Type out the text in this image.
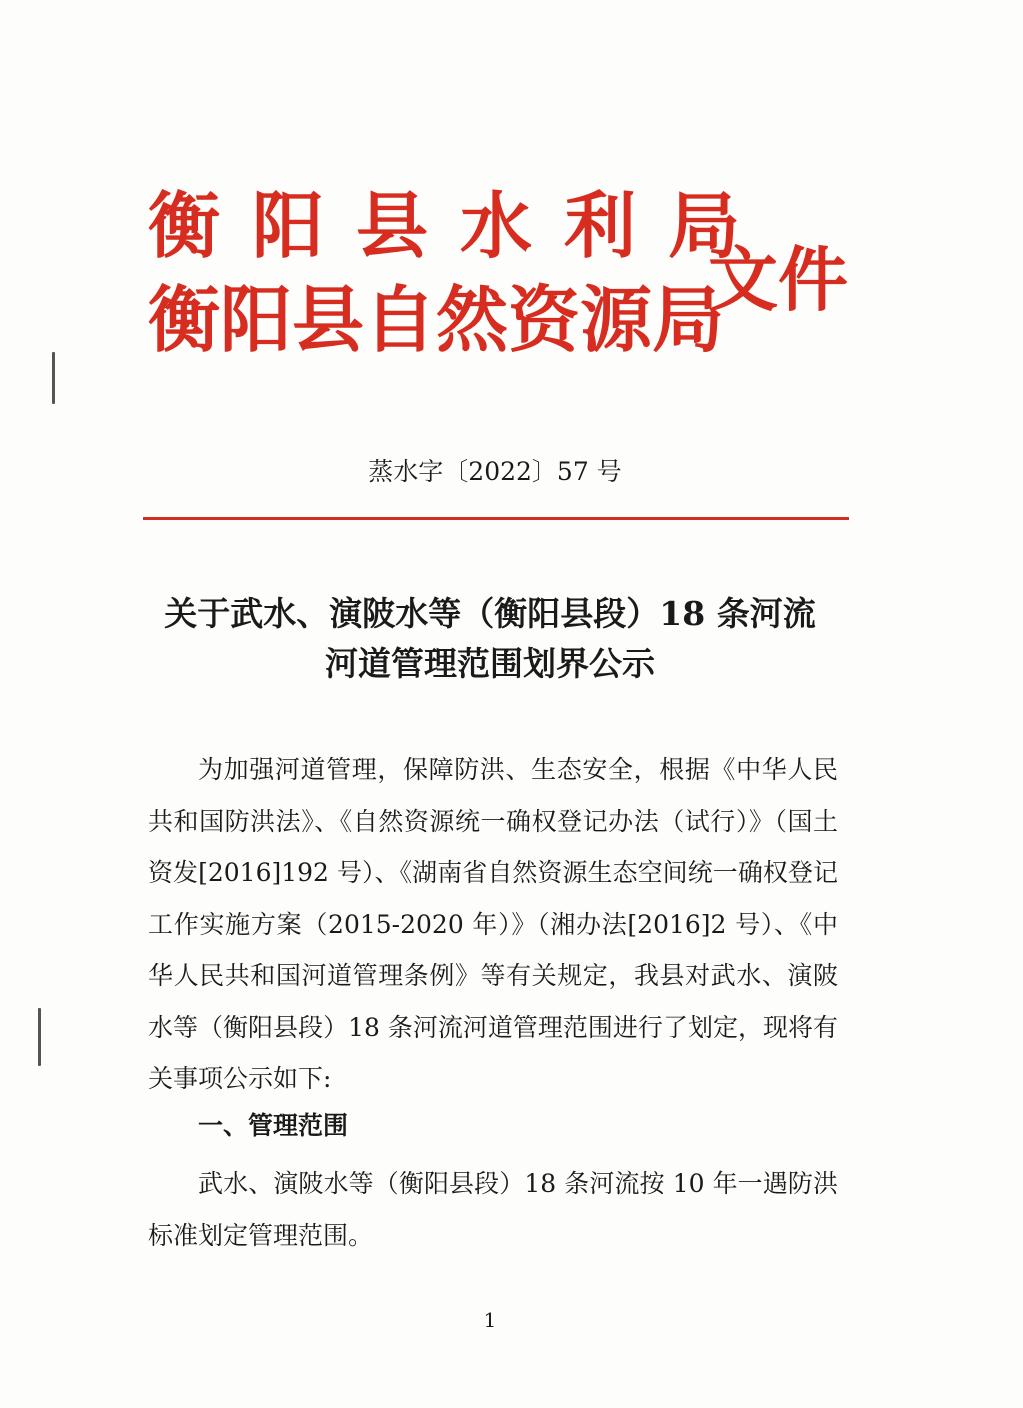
衡阳县水利局
衡阳县自然资源局
文件
蒸水字〔2022〕57 号
关于武水、演陂水等（衡阳县段）18 条河流
河道管理范围划界公示

为加强河道管理，保障防洪、生态安全，根据《中华人民共和国防洪法》、《自然资源统一确权登记办法（试行）》（国土资发[2016]192 号）、《湖南省自然资源生态空间统一确权登记工作实施方案（2015-2020 年）》（湘办法[2016]2 号）、《中华人民共和国河道管理条例》等有关规定，我县对武水、演陂水等（衡阳县段）18 条河流河道管理范围进行了划定，现将有关事项公示如下:

一、管理范围

武水、演陂水等（衡阳县段）18 条河流按 10 年一遇防洪标准划定管理范围。

1
